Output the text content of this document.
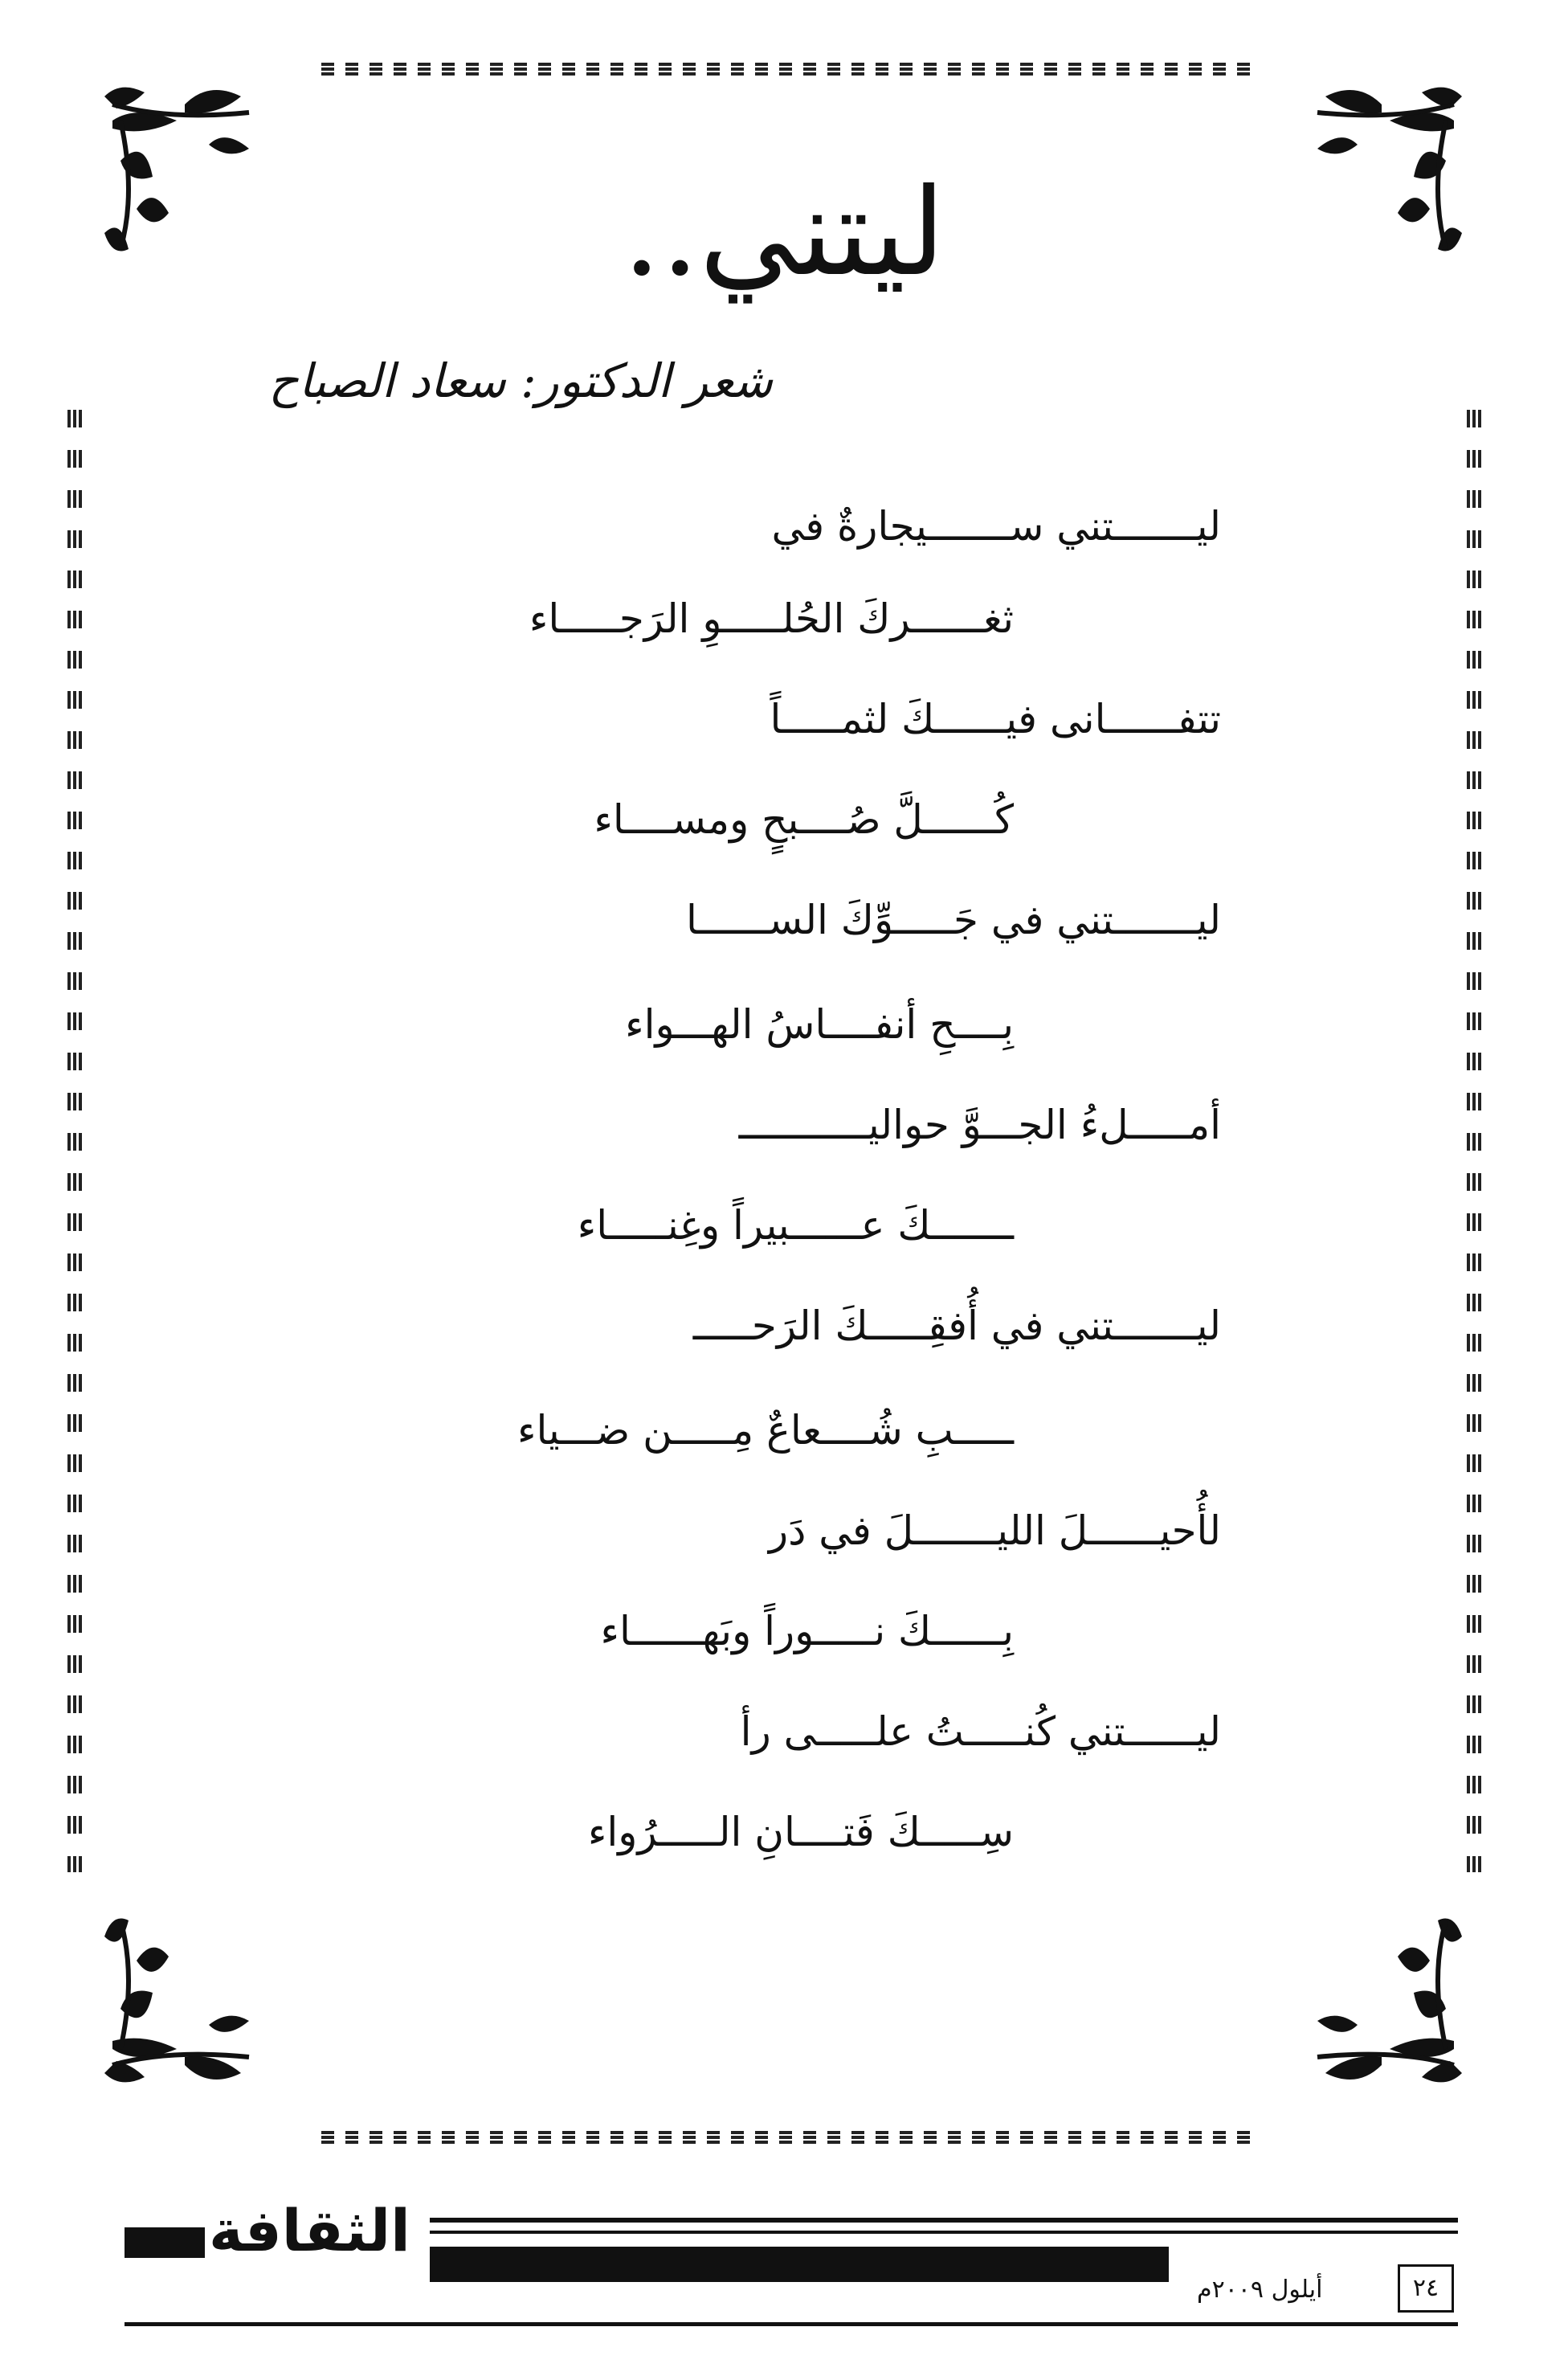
ليتني..
شعر الدكتور: سعاد الصباح
ليـــــــتني ســـــــيجارةٌ في
ثغــــــركَ الحُلـــــوِ الرَجـــــاء
تتفــــــانى فيــــــكَ لثمـــــاً
كُــــــلَّ صُــــبحٍ ومســــاء
ليـــــــتني في جَـــــوِّكَ الســــــا
بِــــحِ أنفــــاسُ الهـــواء
أمـــــلءُ الجـــوَّ حواليـــــــــــ
ـــــــكَ عــــــبيراً وغِنـــــاء
ليـــــــتني في أُفقِـــــكَ الرَحـــــ
ـــــبِ شُــــعاعٌ مِـــــن ضـــياء
لأُحيــــــلَ الليـــــــلَ في دَر
بِــــــكَ نـــــوراً وبَهــــــاء
ليــــــتني كُنـــــتُ علـــــى رأ
سِـــــكَ فَتــــانِ الـــــرُواء
الثقافة
أيلول ٢٠٠٩م	٢٤
